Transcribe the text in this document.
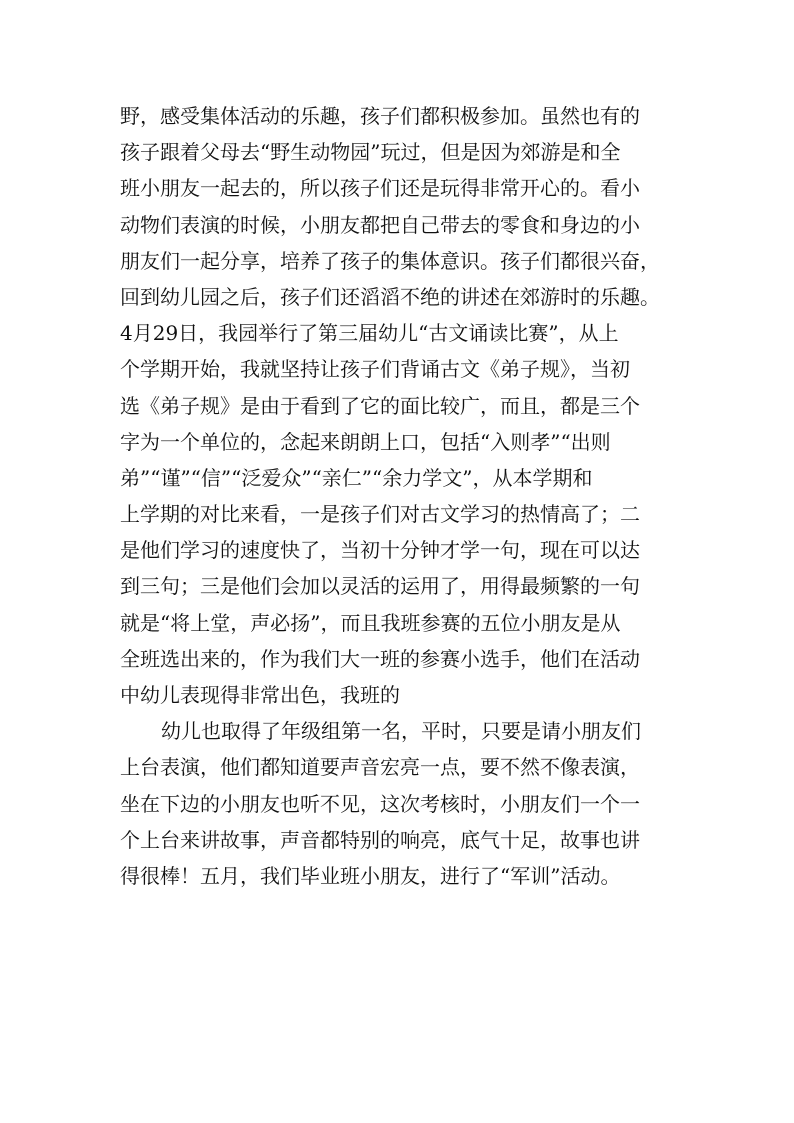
野，感受集体活动的乐趣，孩子们都积极参加。虽然也有的
孩子跟着父母去“野生动物园”玩过，但是因为郊游是和全
班小朋友一起去的，所以孩子们还是玩得非常开心的。看小
动物们表演的时候，小朋友都把自己带去的零食和身边的小
朋友们一起分享，培养了孩子的集体意识。孩子们都很兴奋，
回到幼儿园之后，孩子们还滔滔不绝的讲述在郊游时的乐趣。
4月29日，我园举行了第三届幼儿“古文诵读比赛”，从上
个学期开始，我就坚持让孩子们背诵古文《弟子规》，当初
选《弟子规》是由于看到了它的面比较广，而且，都是三个
字为一个单位的，念起来朗朗上口，包括“入则孝”“出则
弟”“谨”“信”“泛爱众”“亲仁”“余力学文”，从本学期和
上学期的对比来看，一是孩子们对古文学习的热情高了；二
是他们学习的速度快了，当初十分钟才学一句，现在可以达
到三句；三是他们会加以灵活的运用了，用得最频繁的一句
就是“将上堂，声必扬”，而且我班参赛的五位小朋友是从
全班选出来的，作为我们大一班的参赛小选手，他们在活动
中幼儿表现得非常出色，我班的
幼儿也取得了年级组第一名，平时，只要是请小朋友们
上台表演，他们都知道要声音宏亮一点，要不然不像表演，
坐在下边的小朋友也听不见，这次考核时，小朋友们一个一
个上台来讲故事，声音都特别的响亮，底气十足，故事也讲
得很棒！五月，我们毕业班小朋友，进行了“军训”活动。
